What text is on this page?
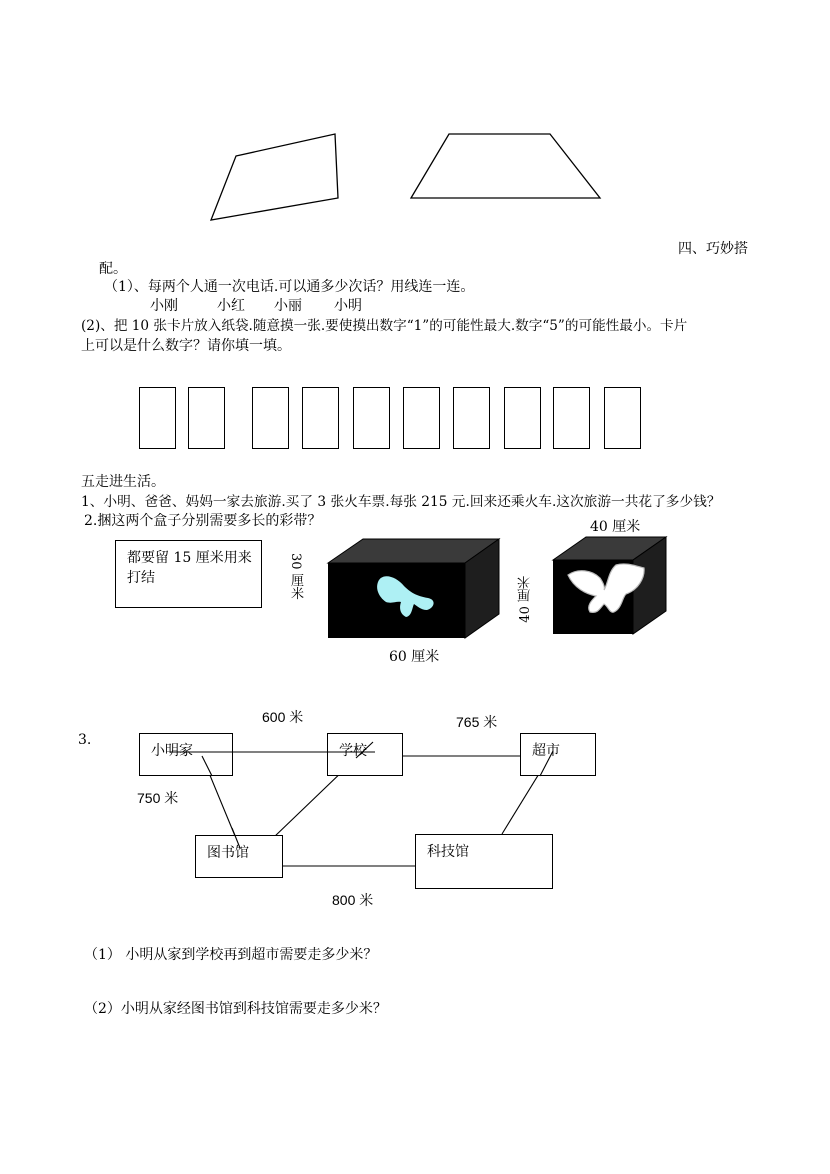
四、巧妙搭
配。
（1）、每两个人通一次电话.可以通多少次话？用线连一连。
小刚	小红 小丽 小明
(2)、把 10 张卡片放入纸袋.随意摸一张.要使摸出数字“1”的可能性最大.数字“5”的可能性最小。卡片
上可以是什么数字？请你填一填。
五走进生活。
1、小明、爸爸、妈妈一家去旅游.买了 3 张火车票.每张 215 元.回来还乘火车.这次旅游一共花了多少钱？
2.捆这两个盒子分别需要多长的彩带？
都要留 15 厘米用来
打结	30 厘米
60 厘米
40 厘米
40 厘米
3.
600 米	765 米
750 米
800 米
小明家	学校	超市
图书馆	科技馆
（1） 小明从家到学校再到超市需要走多少米？
（2）小明从家经图书馆到科技馆需要走多少米？
